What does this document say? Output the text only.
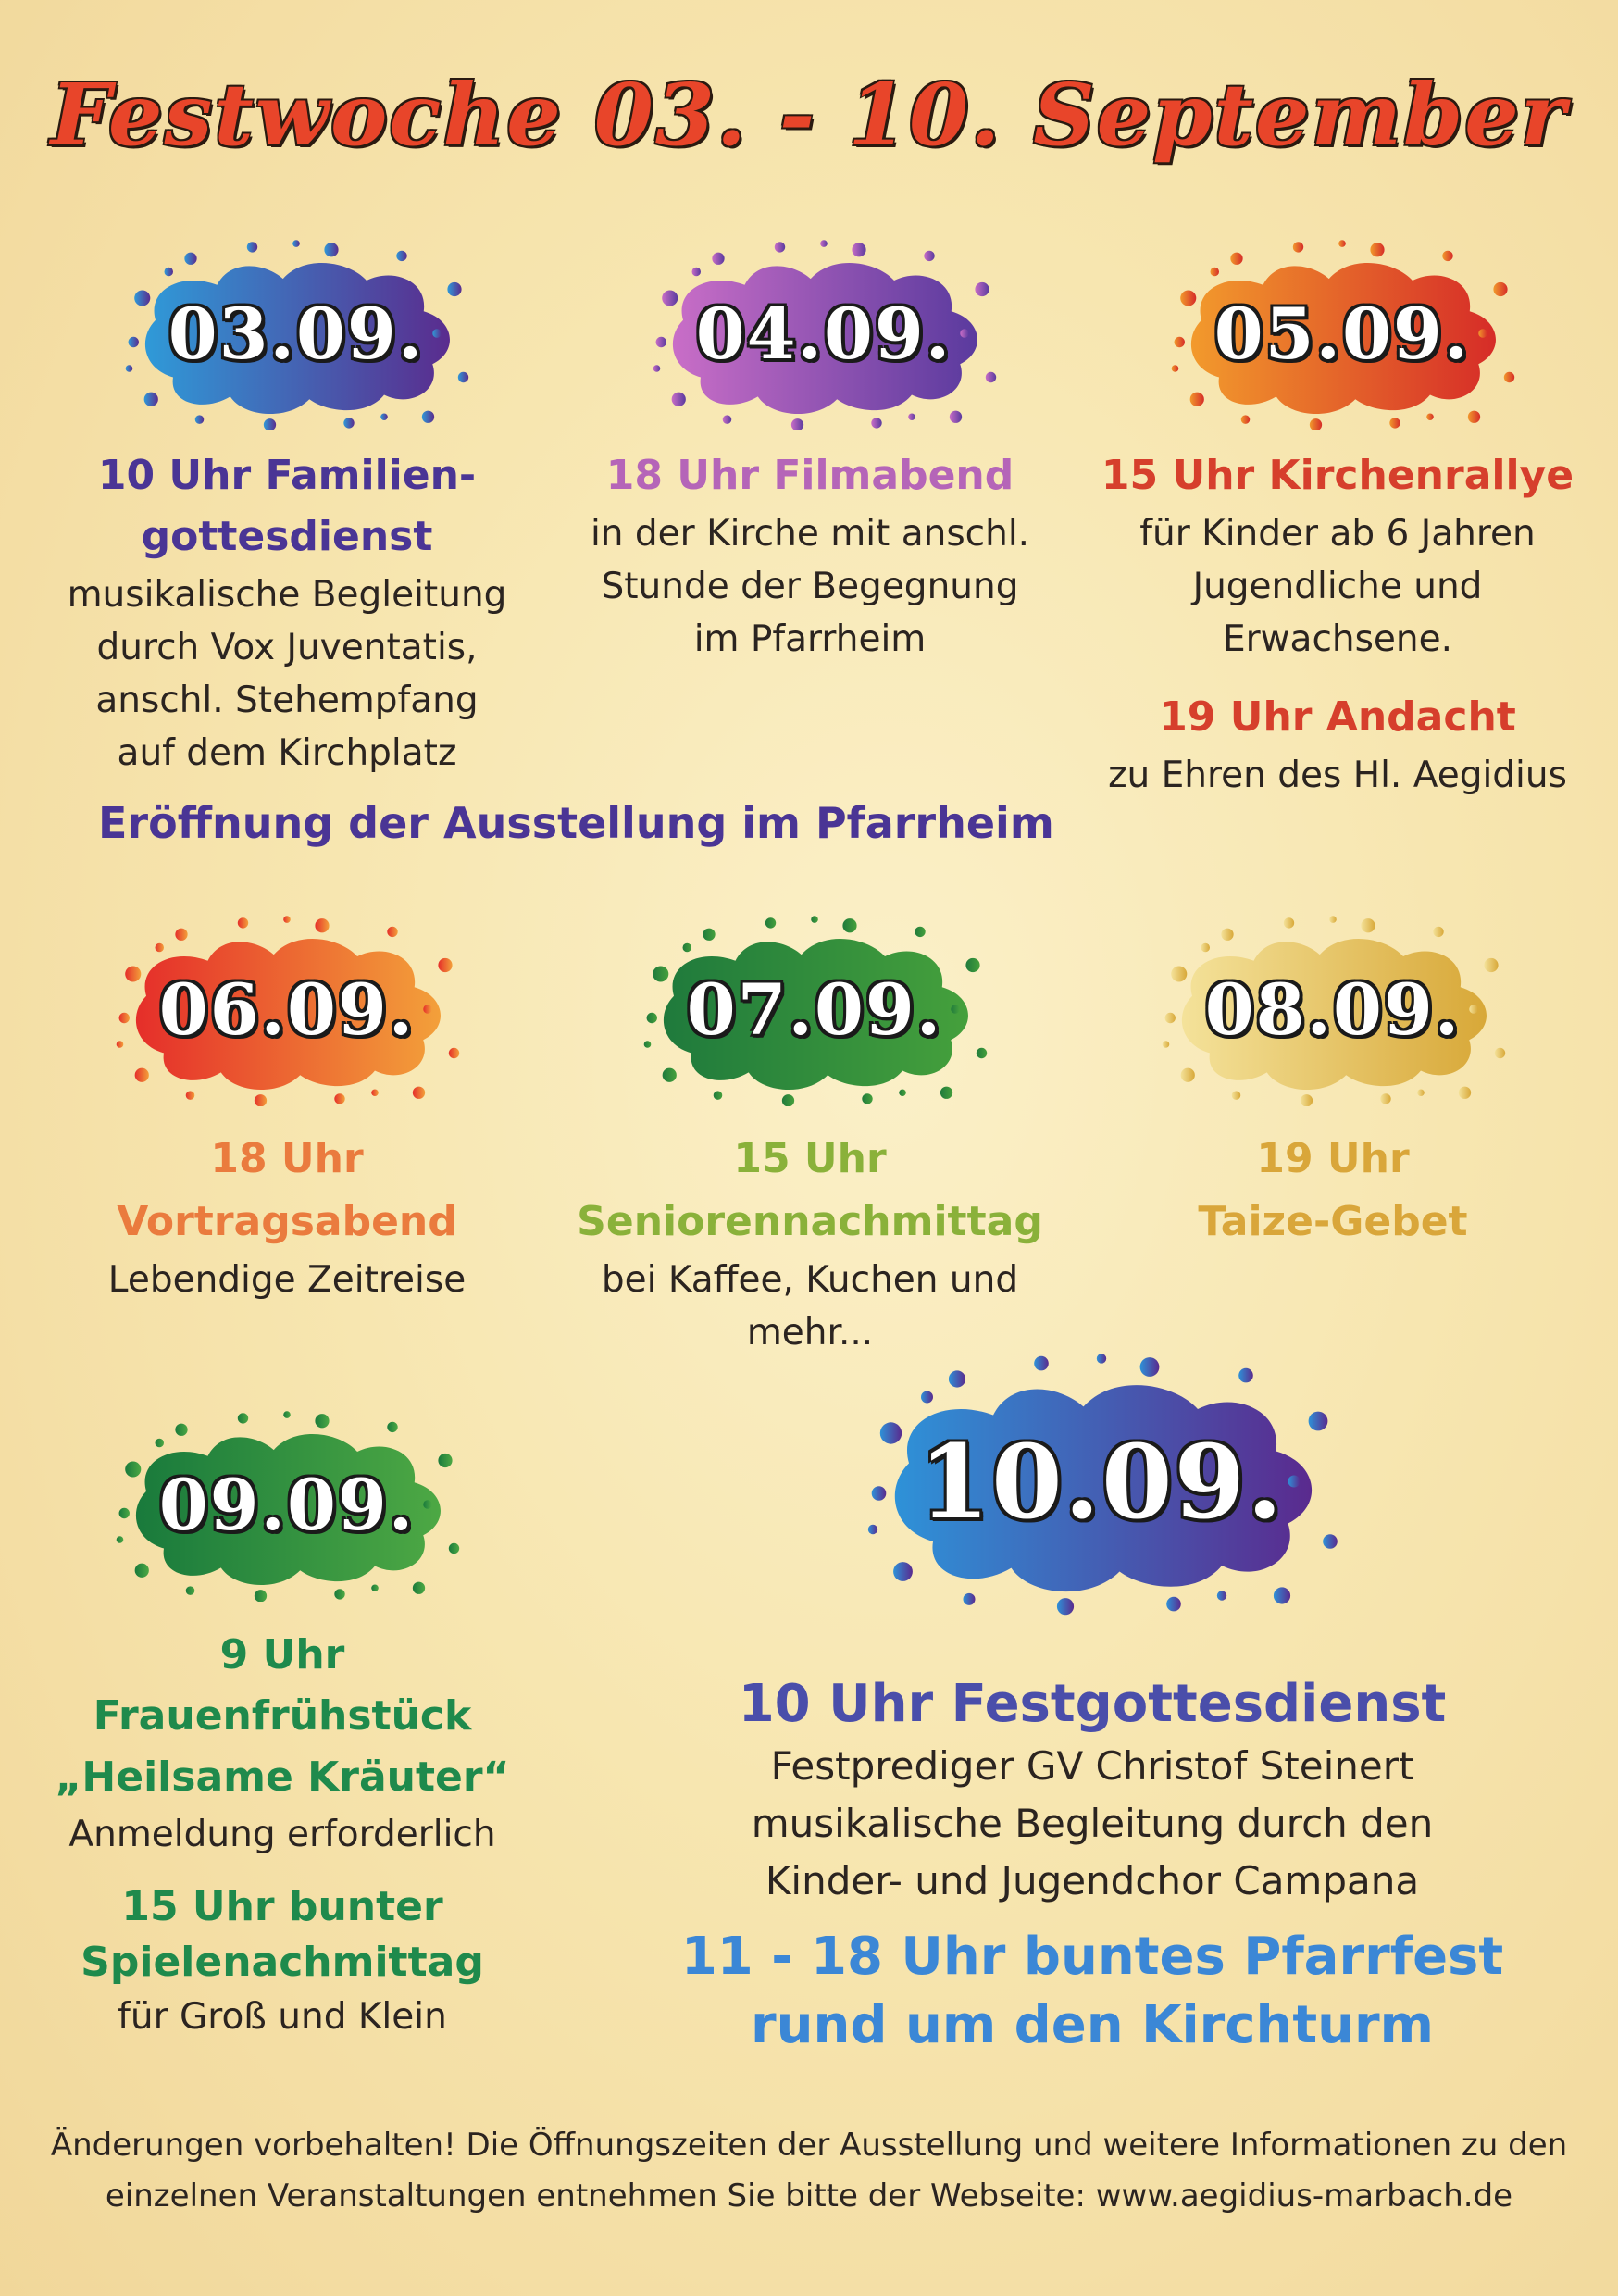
Festwoche 03. - 10. September
03.09.

10 Uhr Familien-

gottesdienst

musikalische Begleitung

durch Vox Juventatis,

anschl. Stehempfang

auf dem Kirchplatz

Eröffnung der Ausstellung im Pfarrheim

04.09.

18 Uhr Filmabend

in der Kirche mit anschl.

Stunde der Begegnung

im Pfarrheim

05.09.

15 Uhr Kirchenrallye

für Kinder ab 6 Jahren

Jugendliche und

Erwachsene.

19 Uhr Andacht

zu Ehren des Hl. Aegidius

06.09.

18 Uhr

Vortragsabend

Lebendige Zeitreise

07.09.

15 Uhr

Seniorennachmittag

bei Kaffee, Kuchen und

mehr...

08.09.

19 Uhr

Taize-Gebet

09.09.

9 Uhr

Frauenfrühstück

„Heilsame Kräuter“

Anmeldung erforderlich

15 Uhr bunter

Spielenachmittag

für Groß und Klein

10.09.

10 Uhr Festgottesdienst

Festprediger GV Christof Steinert

musikalische Begleitung durch den

Kinder- und Jugendchor Campana

11 - 18 Uhr buntes Pfarrfest

rund um den Kirchturm

Änderungen vorbehalten! Die Öffnungszeiten der Ausstellung und weitere Informationen zu den
einzelnen Veranstaltungen entnehmen Sie bitte der Webseite: www.aegidius-marbach.de
